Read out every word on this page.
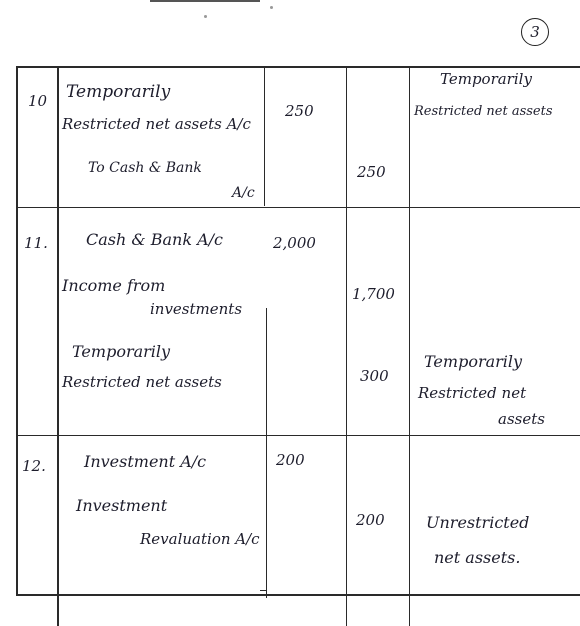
3
10 Temporarily
Restricted net assets A/c
To Cash & Bank
A/c
250
250
Temporarily
Restricted net assets
11. Cash & Bank A/c
Income from
investments
Temporarily
Restricted net assets
2,000
1,700
300
Temporarily
Restricted net
assets
12. Investment A/c
Investment
Revaluation A/c
200
200	Unrestricted
net assets.
